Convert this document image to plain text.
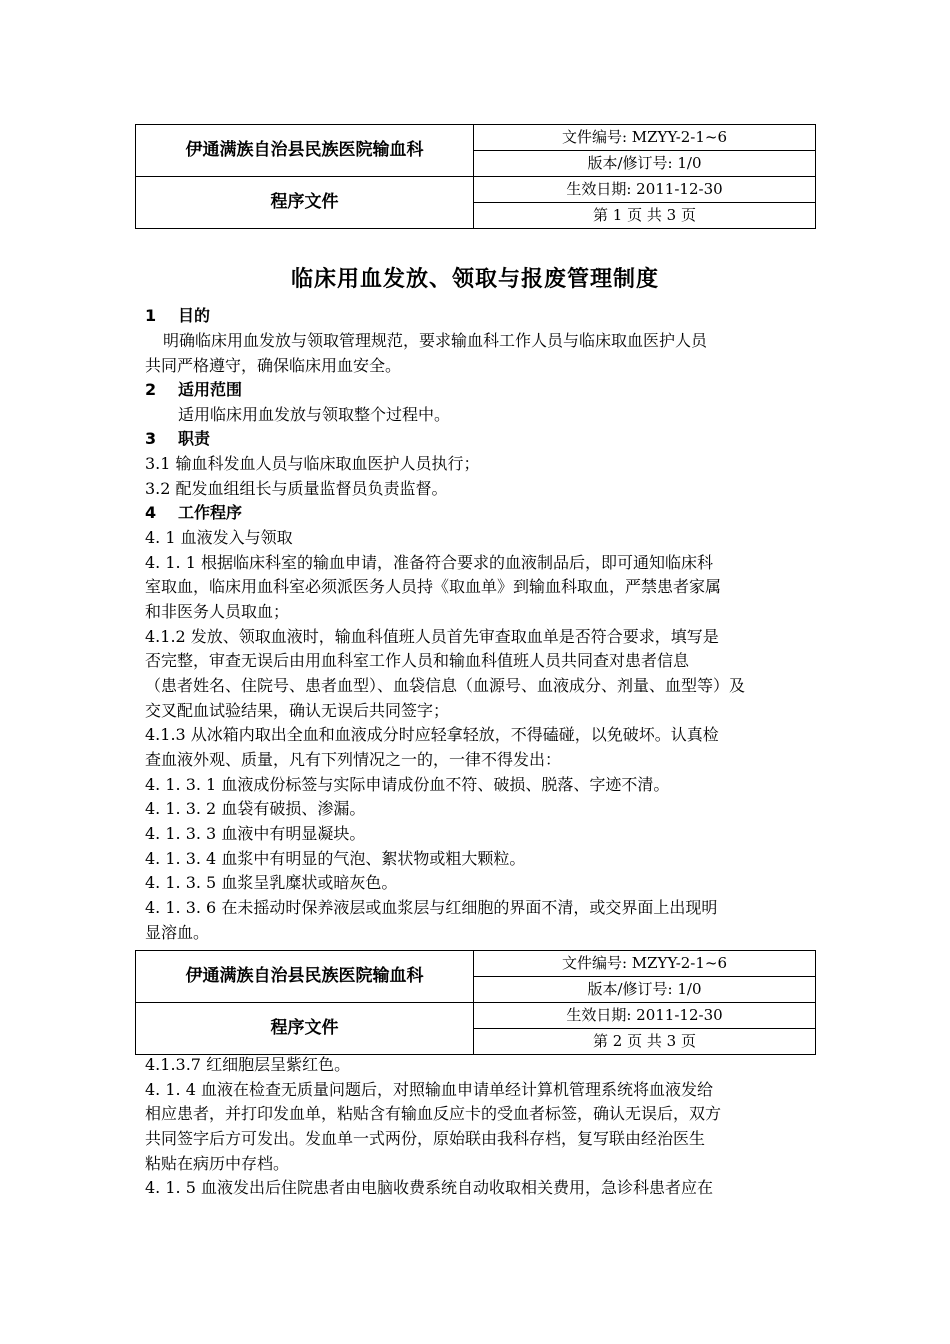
伊通满族自治县民族医院输血科	文件编号: MZYY-2-1~6
	版本/修订号: 1/0
程序文件	生效日期: 2011-12-30
	第 1 页 共 3 页
临床用血发放、领取与报废管理制度
1 目的
明确临床用血发放与领取管理规范，要求输血科工作人员与临床取血医护人员
共同严格遵守，确保临床用血安全。
2 适用范围
适用临床用血发放与领取整个过程中。
3 职责
3.1 输血科发血人员与临床取血医护人员执行；
3.2 配发血组组长与质量监督员负责监督。
4 工作程序
4. 1 血液发入与领取
4. 1. 1 根据临床科室的输血申请，准备符合要求的血液制品后，即可通知临床科
室取血，临床用血科室必须派医务人员持《取血单》到输血科取血，严禁患者家属
和非医务人员取血；
4.1.2 发放、领取血液时，输血科值班人员首先审查取血单是否符合要求，填写是
否完整，审查无误后由用血科室工作人员和输血科值班人员共同查对患者信息
（患者姓名、住院号、患者血型）、血袋信息（血源号、血液成分、剂量、血型等）及
交叉配血试验结果，确认无误后共同签字；
4.1.3 从冰箱内取出全血和血液成分时应轻拿轻放，不得磕碰，以免破坏。认真检
查血液外观、质量，凡有下列情况之一的，一律不得发出：
4. 1. 3. 1 血液成份标签与实际申请成份血不符、破损、脱落、字迹不清。
4. 1. 3. 2 血袋有破损、渗漏。
4. 1. 3. 3 血液中有明显凝块。
4. 1. 3. 4 血浆中有明显的气泡、絮状物或粗大颗粒。
4. 1. 3. 5 血浆呈乳糜状或暗灰色。
4. 1. 3. 6 在未摇动时保养液层或血浆层与红细胞的界面不清，或交界面上出现明
显溶血。
伊通满族自治县民族医院输血科	文件编号: MZYY-2-1~6
	版本/修订号: 1/0
程序文件	生效日期: 2011-12-30
	第 2 页 共 3 页
4.1.3.7 红细胞层呈紫红色。
4. 1. 4 血液在检查无质量问题后，对照输血申请单经计算机管理系统将血液发给
相应患者，并打印发血单，粘贴含有输血反应卡的受血者标签，确认无误后，双方
共同签字后方可发出。发血单一式两份，原始联由我科存档，复写联由经治医生
粘贴在病历中存档。
4. 1. 5 血液发出后住院患者由电脑收费系统自动收取相关费用，急诊科患者应在
